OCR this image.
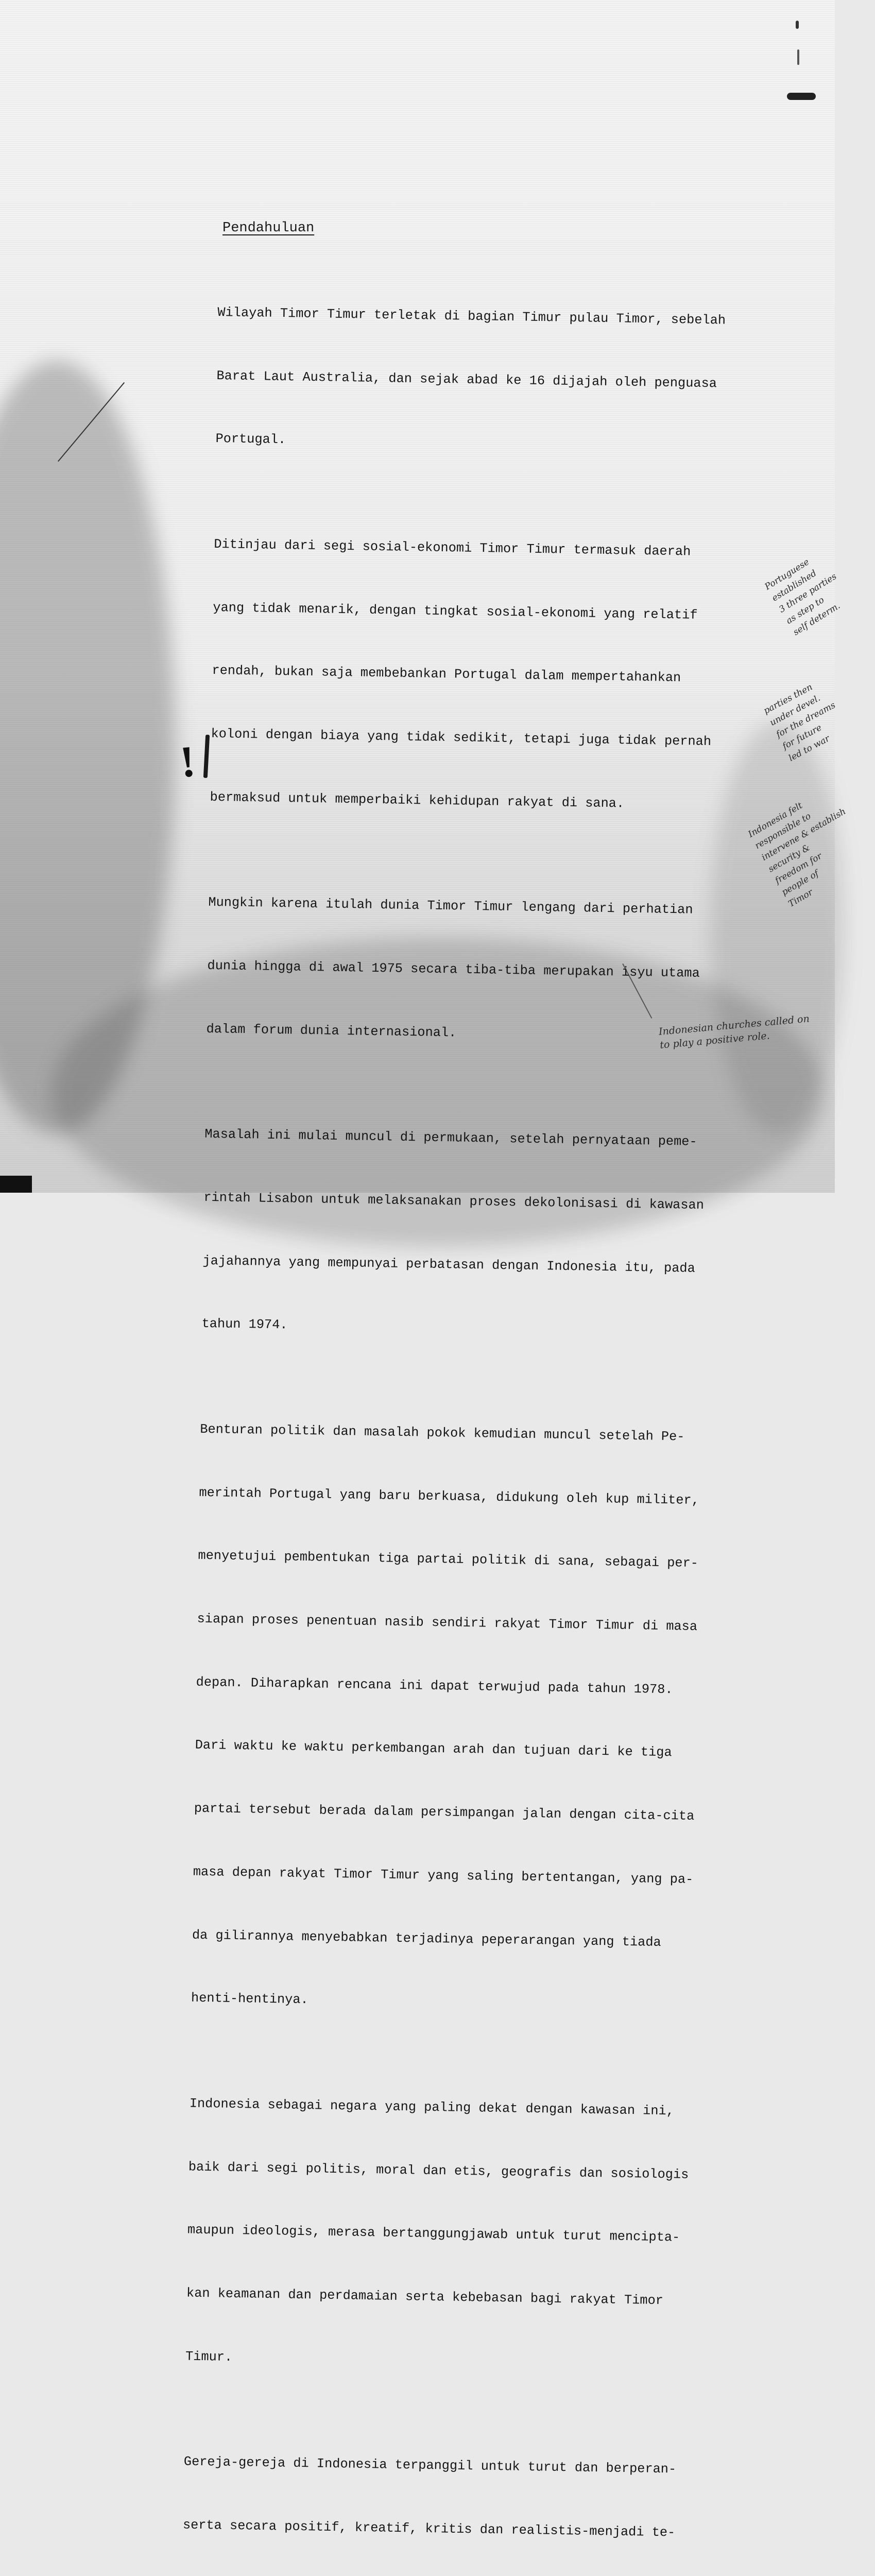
Pendahuluan

Wilayah Timor Timur terletak di bagian Timur pulau Timor, sebelah

Barat Laut Australia, dan sejak abad ke 16 dijajah oleh penguasa

Portugal.

Ditinjau dari segi sosial-ekonomi Timor Timur termasuk daerah

yang tidak menarik, dengan tingkat sosial-ekonomi yang relatif

rendah, bukan saja membebankan Portugal dalam mempertahankan

koloni dengan biaya yang tidak sedikit, tetapi juga tidak pernah

bermaksud untuk memperbaiki kehidupan rakyat di sana.

Mungkin karena itulah dunia Timor Timur lengang dari perhatian

dunia hingga di awal 1975 secara tiba-tiba merupakan isyu utama

dalam forum dunia internasional.

Masalah ini mulai muncul di permukaan, setelah pernyataan peme-

rintah Lisabon untuk melaksanakan proses dekolonisasi di kawasan

jajahannya yang mempunyai perbatasan dengan Indonesia itu, pada

tahun 1974.

Benturan politik dan masalah pokok kemudian muncul setelah Pe-

merintah Portugal yang baru berkuasa, didukung oleh kup militer,

menyetujui pembentukan tiga partai politik di sana, sebagai per-

siapan proses penentuan nasib sendiri rakyat Timor Timur di masa

depan. Diharapkan rencana ini dapat terwujud pada tahun 1978.

Dari waktu ke waktu perkembangan arah dan tujuan dari ke tiga

partai tersebut berada dalam persimpangan jalan dengan cita-cita

masa depan rakyat Timor Timur yang saling bertentangan, yang pa-

da gilirannya menyebabkan terjadinya peperarangan yang tiada

henti-hentinya.

Indonesia sebagai negara yang paling dekat dengan kawasan ini,

baik dari segi politis, moral dan etis, geografis dan sosiologis

maupun ideologis, merasa bertanggungjawab untuk turut mencipta-

kan keamanan dan perdamaian serta kebebasan bagi rakyat Timor

Timur.

Gereja-gereja di Indonesia terpanggil untuk turut dan berperan-

serta secara positif, kreatif, kritis dan realistis-menjadi te-

!
Portuguese
established
3 three parties
as step to
self determ.
parties then
under devel.
for the dreams
for future
led to war
Indonesia felt
responsible to
intervene & establish
security &
freedom for
people of
Timor
Indonesian churches called on
to play a positive role.
